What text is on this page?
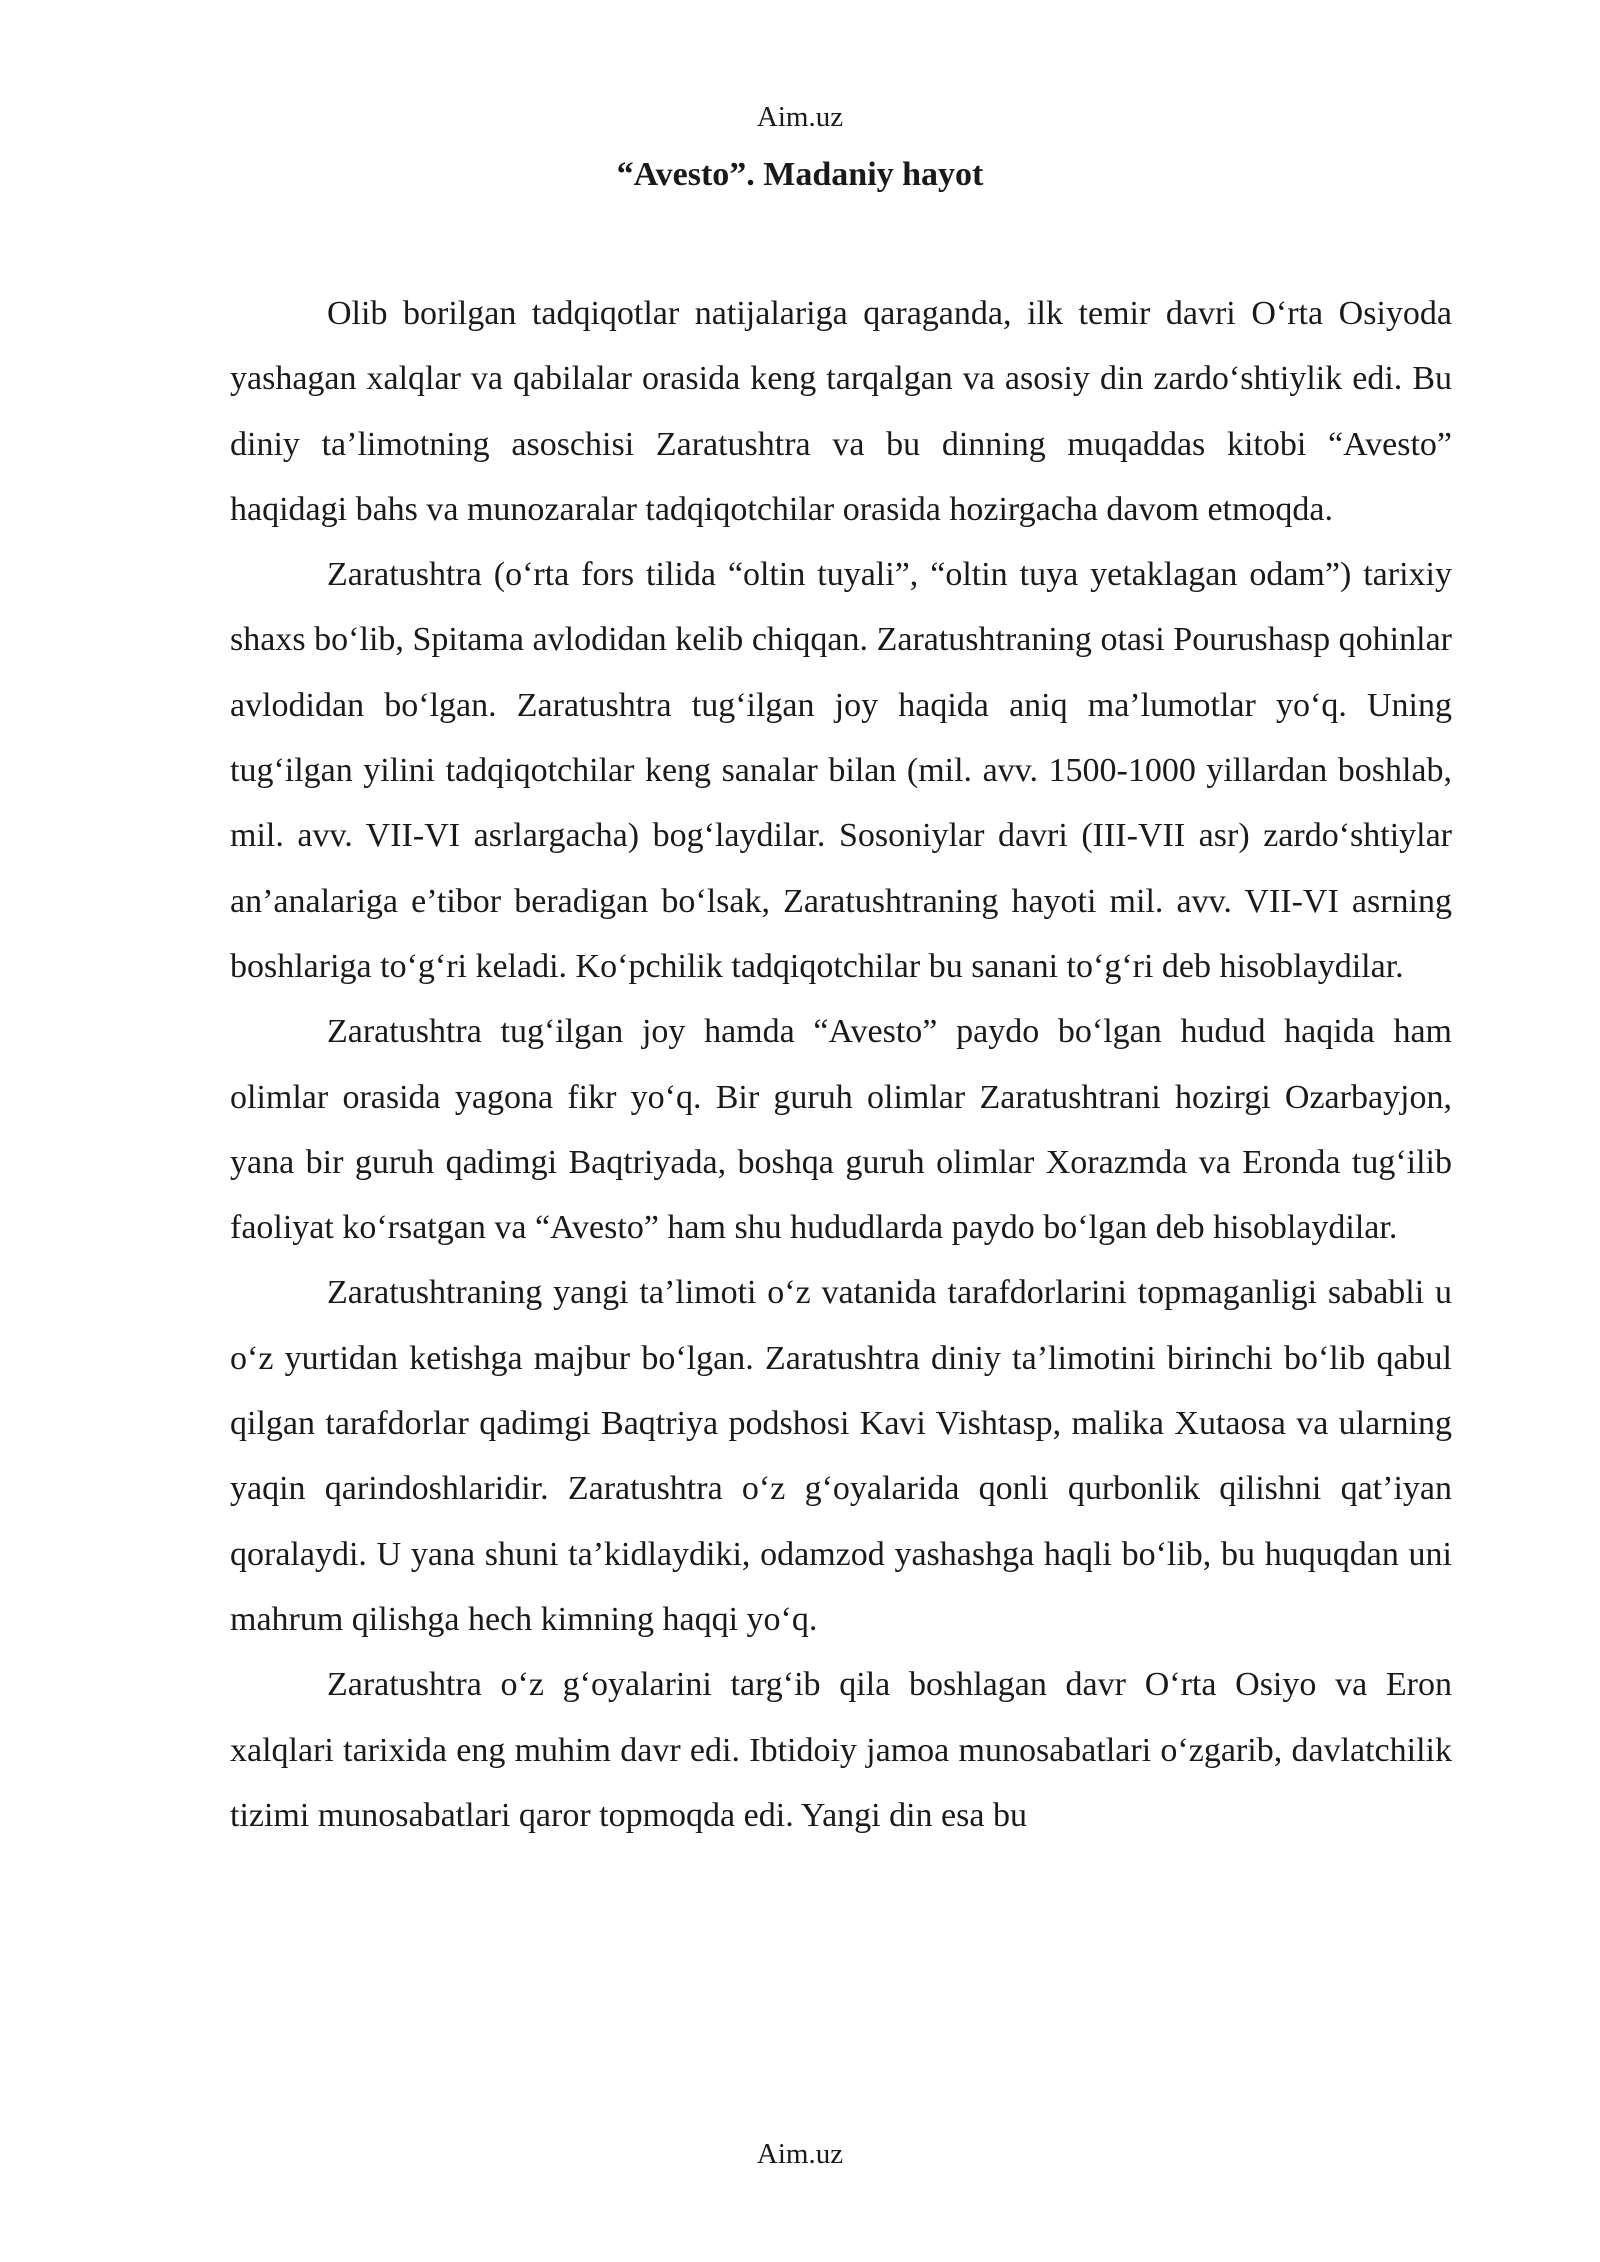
Aim.uz
“Avesto”. Madaniy hayot

Olib borilgan tadqiqotlar natijalariga qaraganda, ilk temir davri O‘rta Osiyoda yashagan xalqlar va qabilalar orasida keng tarqalgan va asosiy din zardo‘shtiylik edi. Bu diniy ta’limotning asoschisi Zaratushtra va bu dinning muqaddas kitobi “Avesto” haqidagi bahs va munozaralar tadqiqotchilar orasida hozirgacha davom etmoqda.

Zaratushtra (o‘rta fors tilida “oltin tuyali”, “oltin tuya yetaklagan odam”) tarixiy shaxs bo‘lib, Spitama avlodidan kelib chiqqan. Zaratushtraning otasi Pourushasp qohinlar avlodidan bo‘lgan. Zaratushtra tug‘ilgan joy haqida aniq ma’lumotlar yo‘q. Uning tug‘ilgan yilini tadqiqotchilar keng sanalar bilan (mil. avv. 1500-1000 yillardan boshlab, mil. avv. VII-VI asrlargacha) bog‘laydilar. Sosoniylar davri (III-VII asr) zardo‘shtiylar an’analariga e’tibor beradigan bo‘lsak, Zaratushtraning hayoti mil. avv. VII-VI asrning boshlariga to‘g‘ri keladi. Ko‘pchilik tadqiqotchilar bu sanani to‘g‘ri deb hisoblaydilar.

Zaratushtra tug‘ilgan joy hamda “Avesto” paydo bo‘lgan hudud haqida ham olimlar orasida yagona fikr yo‘q. Bir guruh olimlar Zaratushtrani hozirgi Ozarbayjon, yana bir guruh qadimgi Baqtriyada, boshqa guruh olimlar Xorazmda va Eronda tug‘ilib faoliyat ko‘rsatgan va “Avesto” ham shu hududlarda paydo bo‘lgan deb hisoblaydilar.

Zaratushtraning yangi ta’limoti o‘z vatanida tarafdorlarini topmaganligi sababli u o‘z yurtidan ketishga majbur bo‘lgan. Zaratushtra diniy ta’limotini birinchi bo‘lib qabul qilgan tarafdorlar qadimgi Baqtriya podshosi Kavi Vishtasp, malika Xutaosa va ularning yaqin qarindoshlaridir. Zaratushtra o‘z g‘oyalarida qonli qurbonlik qilishni qat’iyan qoralaydi. U yana shuni ta’kidlaydiki, odamzod yashashga haqli bo‘lib, bu huquqdan uni mahrum qilishga hech kimning haqqi yo‘q.

Zaratushtra o‘z g‘oyalarini targ‘ib qila boshlagan davr O‘rta Osiyo va Eron xalqlari tarixida eng muhim davr edi. Ibtidoiy jamoa munosabatlari o‘zgarib, davlatchilik tizimi munosabatlari qaror topmoqda edi. Yangi din esa bu

Aim.uz
